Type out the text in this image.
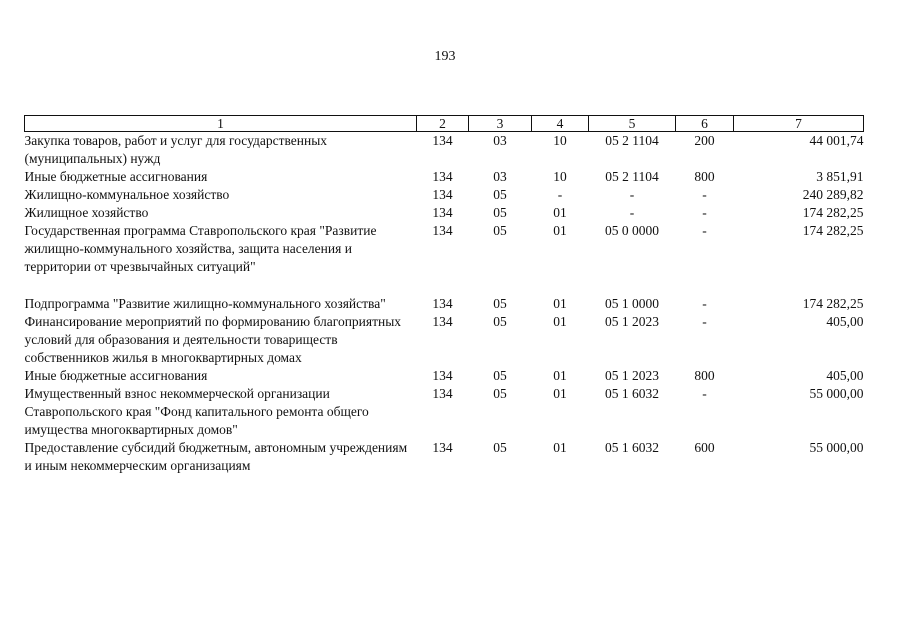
193
1	2	3	4	5	6	7
Закупка товаров, работ и услуг для государственных (муниципальных) нужд	134	03	10	05 2 1104	200	44 001,74
Иные бюджетные ассигнования	134	03	10	05 2 1104	800	3 851,91
Жилищно-коммунальное хозяйство	134	05	-	-	-	240 289,82
Жилищное хозяйство	134	05	01	-	-	174 282,25
Государственная программа Ставропольского края "Развитие жилищно-коммунального хозяйства, защита населения и территории от чрезвычайных ситуаций"	134	05	01	05 0 0000	-	174 282,25

Подпрограмма "Развитие жилищно-коммунального хозяйства"	134	05	01	05 1 0000	-	174 282,25
Финансирование мероприятий по формированию благоприятных условий для образования и деятельности товариществ собственников жилья в многоквартирных домах	134	05	01	05 1 2023	-	405,00
Иные бюджетные ассигнования	134	05	01	05 1 2023	800	405,00
Имущественный взнос некоммерческой организации Ставропольского края "Фонд капитального ремонта общего имущества многоквартирных домов"	134	05	01	05 1 6032	-	55 000,00
Предоставление субсидий бюджетным, автономным учреждениям и иным некоммерческим организациям	134	05	01	05 1 6032	600	55 000,00
